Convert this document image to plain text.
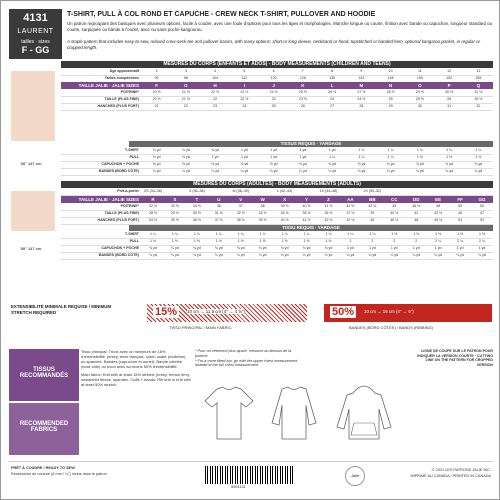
4131
LAURENT
tailles · sizes
F - GG
T-SHIRT, PULL À COL ROND ET CAPUCHE - CREW NECK T-SHIRT, PULLOVER AND HOODIE
Un patron regroupant des basiques avec plusieurs options, facile à coudre, avec une foule d'options pour tous les âges et morphologies. Manche longue ou courte, finition avec bande ou capuchon, longueur standard ou courte, surpiquée ou bande à l'ourlet, avec ou sans poche kangourou.
A staple pattern that includes easy-to-sew, relaxed crew-neck tee and pullover basics, with many options: short or long sleeve, neckband or hood, topstitched or banded hem, optional kangaroo pocket, in regular or cropped length.
MESURES DU CORPS (ENFANTS ET ADOS) - BODY MEASUREMENTS (CHILDREN AND TEENS)
Âge approximatif	2	3	4	5	6	7	8	9	10	11	12	13
Tailles européennes	92	98	104	112	120	128	135	142	146	150	152	155
TAILLE JALIE · JALIE SIZES	F	G	H	I	J	K	L	M	N	O	P	Q
POITRINE*	20 ½	21 ½	22 ½	23 ½	24 ½	25 ½	26 ½	27 ½	28 ½	29 ½	30 ½	31 ½
TAILLE (PLUS FINE)	20 ½	21 ½	22	22 ½	23	23 ½	24	24 ½	25	25 ½	26	26 ½
HANCHES (PLUS FORT)	21	22	23	24	25	26	27	28	29	30	31	32
TISSUS REQUIS · YARDAGE
58" 147 cm
T-SHIRT	¾ yd	¾ yd	¾ yd	1 yd	1 yd	1 yd	1 yd	1 ¼	1 ¼	1 ¼	1 ¼	1 ¼
PULL	¾ yd	¾ yd	1 yd	1 yd	1 yd	1 yd	1 ¼	1 ¼	1 ¼	1 ½	1 ½	1 ½
CAPUCHON + POCHE	½ yd	½ yd	½ yd	½ yd	½ yd	¾ yd	¾ yd	¾ yd	¾ yd	¾ yd	¾ yd	¾ yd
BANDES (BORD CÔTE)	¼ yd	¼ yd	¼ yd	¼ yd	¼ yd	¼ yd	¼ yd	¼ yd	¼ yd	¼ yd	¼ yd	¼ yd
MESURES DU CORPS (ADULTES) - BODY MEASUREMENTS (ADULTS)
Prêt-à-porter	XS (34–36)	S (36–38)	M (38–40)	L (42–44)	1X (44–46)	2X (50–52)
TAILLE JALIE · JALIE SIZES	R	S	T	U	V	W	X	Y	Z	AA	BB	CC	DD	EE	FF	GG
POITRINE*	32 ½	33 ½	34 ½	36	37	38	39 ½	40 ½	41 ½	42 ½	43 ½	45	46 ½	48	50	52
TAILLE (PLUS FINE)	28 ½	29 ½	30 ½	31 ½	32 ½	33 ½	34 ½	35 ½	36 ½	37 ½	39	40 ½	42	43 ½	45	47
HANCHES (PLUS FORT)	34 ½	35 ½	36 ½	37 ½	38 ½	39 ½	40 ½	41 ½	42 ½	43 ½	45	46 ½	48	49 ½	51	53
TISSU REQUIS · YARDAGE
58" 147 cm
T-SHIRT	1 ¼	1 ¼	1 ¼	1 ¼	1 ¼	1 ¼	1 ¼	1 ¼	1 ¼	1 ¼	1 ¼	1 ½	1 ½	1 ½	1 ½	1 ½
PULL	1 ½	1 ½	1 ½	1 ½	1 ½	1 ½	1 ½	1 ½	1 ½	2	2	2	2	2 ¼	2 ¼	2 ¼
CAPUCHON + POCHE	¾ yd	¾ yd	¾ yd	¾ yd	¾ yd	¾ yd	¾ yd	¾ yd	¾ yd	1 yd	1 yd	1 yd	1 yd	1 yd	1 yd	1 yd
BANDES (BORD CÔTE)	¼ yd	¼ yd	¼ yd	¼ yd	¼ yd	¼ yd	¼ yd	¼ yd	¼ yd	¼ yd	¼ yd	¼ yd	¼ yd	¼ yd	¼ yd	¼ yd
EXTENSIBILITÉ MINIMALE REQUISE / MINIMUM STRETCH REQUIRED	15%	10 cm → 11.5 cm (4" → 4 ⅝")	50%	10 cm → 15 cm (4" → 6")
TISSU PRINCIPAL / MAIN FABRIC	BANDES (BORD CÔTES) / BANDS (RIBBING)
TISSUS RECOMMANDÉS
RECOMMENDED FABRICS
Tissu principal: Tricot avec un minimum de 15% d'extensibilité: jersey, tricot français, coton ouaté (molleton) ou spandex. Bandes (capuchon et ourlet): Bande côtelée (bord côte) ou tricot avec au moins 50% d'extensibilité.
Main fabric: Knit with at least 15% stretch: jersey, french terry, sweatshirt fleece, spandex. Cuffs + bands: Rib knit or knit with at least 50% stretch.
* Pour un vêtement plus ajusté, mesurez au-dessus de la poitrine.
* For a more fitted top, go with the upper chest measurement instead of the full chest measurement.
LIGNE DE COUPE SUR LE PATRON POUR INDIQUER LA VERSION COURTE · CUTTING LINE ON THE PATTERN FOR CROPPED VERSION
PRÊT À COUDRE / READY TO SEW
Ressources de couture (6 mm / ¼") inclus dans le patron
5004131
Jalie
© 2021 LES PATRONS JALIE INC.
IMPRIMÉ AU CANADA / PRINTED IN CANADA
